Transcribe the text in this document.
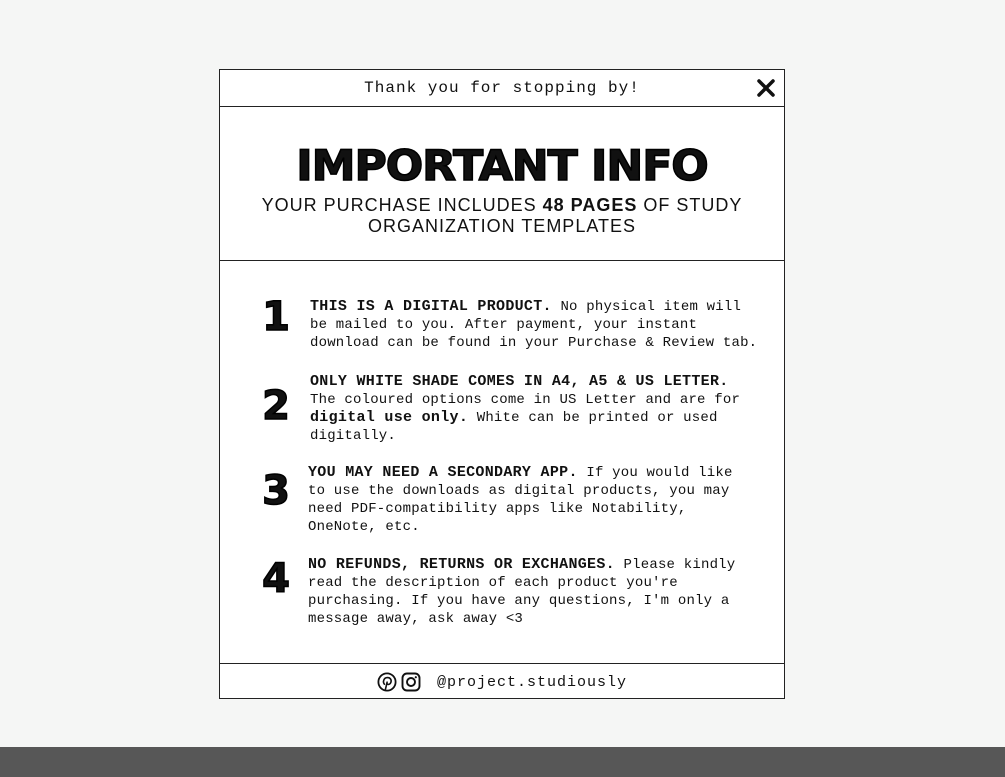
Thank you for stopping by!
IMPORTANT INFO
YOUR PURCHASE INCLUDES 48 PAGES OF STUDY ORGANIZATION TEMPLATES
1	THIS IS A DIGITAL PRODUCT. No physical item will be mailed to you. After payment, your instant download can be found in your Purchase & Review tab.
2
ONLY WHITE SHADE COMES IN A4, A5 & US LETTER. The coloured options come in US Letter and are for digital use only. White can be printed or used digitally.
3	YOU MAY NEED A SECONDARY APP. If you would like to use the downloads as digital products, you may need PDF-compatibility apps like Notability, OneNote, etc.
4	NO REFUNDS, RETURNS OR EXCHANGES. Please kindly read the description of each product you're purchasing. If you have any questions, I'm only a message away, ask away <3
@project.studiously
